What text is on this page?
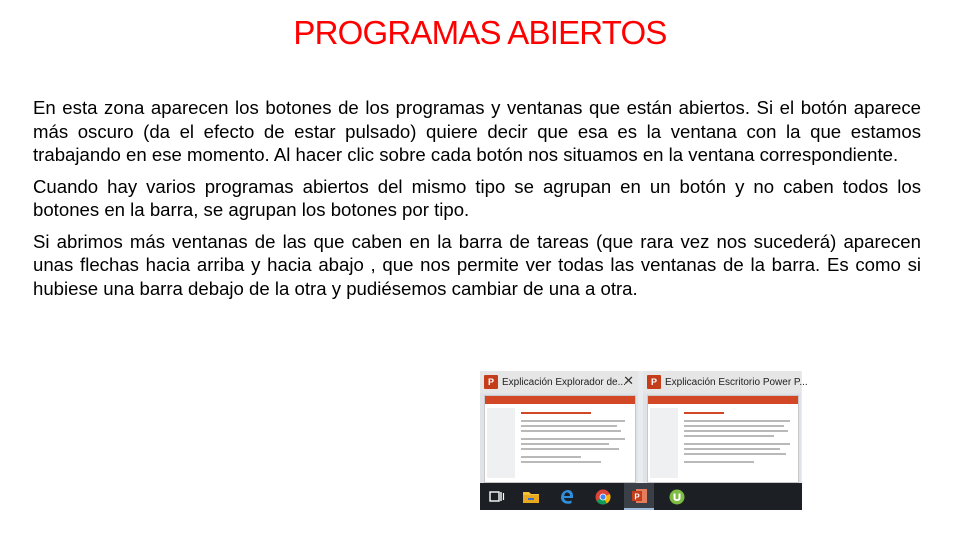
PROGRAMAS ABIERTOS

En esta zona aparecen los botones de los programas y ventanas que están abiertos. Si el botón aparece más oscuro (da el efecto de estar pulsado) quiere decir que esa es la ventana con la que estamos trabajando en ese momento. Al hacer clic sobre cada botón nos situamos en la ventana correspondiente.

Cuando hay varios programas abiertos del mismo tipo se agrupan en un botón y no caben todos los botones en la barra, se agrupan los botones por tipo.

Si abrimos más ventanas de las que caben en la barra de tareas (que rara vez nos sucederá) aparecen unas flechas hacia arriba y hacia abajo , que nos permite ver todas las ventanas de la barra. Es como si hubiese una barra debajo de la otra y pudiésemos cambiar de una a otra.

P Explicación Explorador de...
✕	P Explicación Escritorio Power P...
P
